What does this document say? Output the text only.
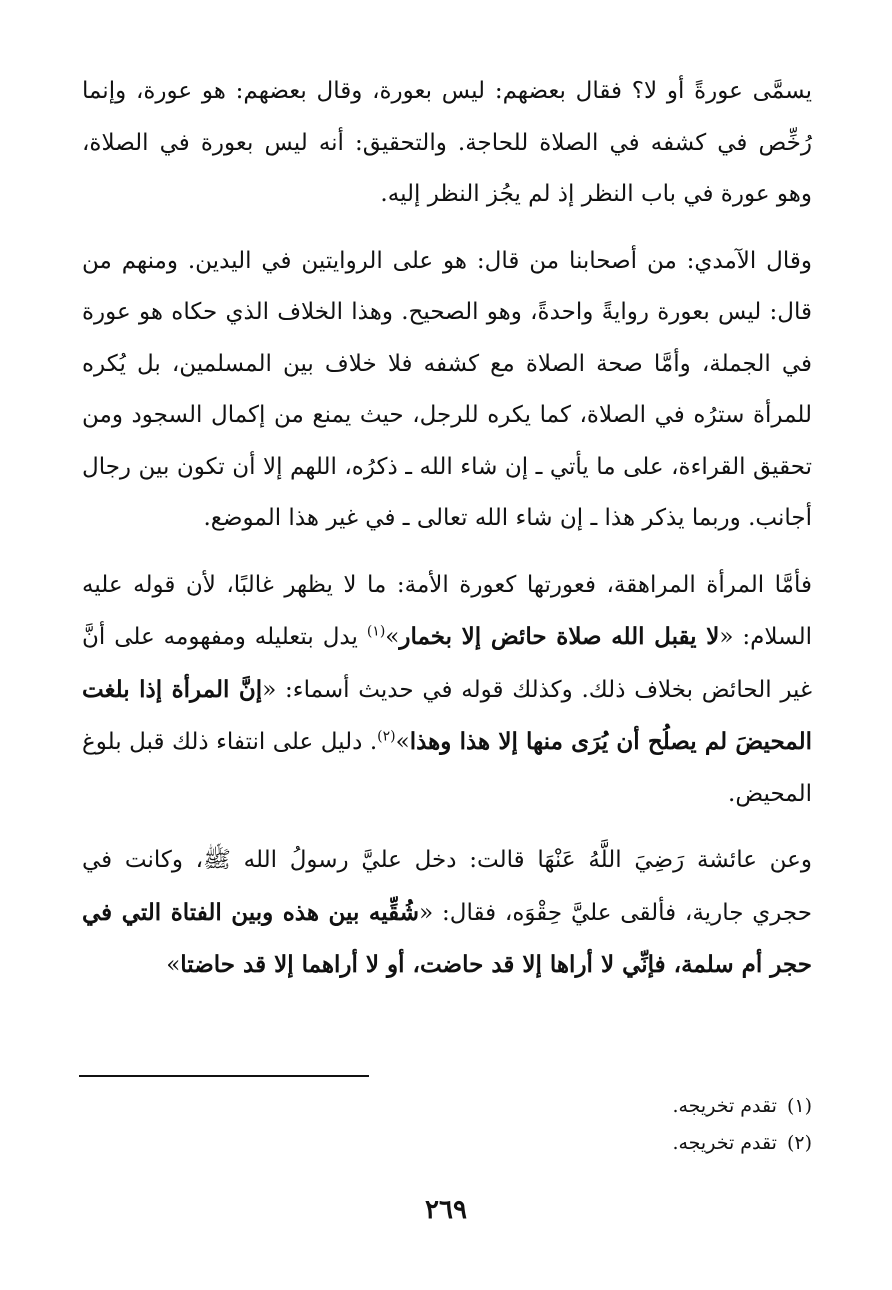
يسمَّى عورةً أو لا؟ فقال بعضهم: ليس بعورة، وقال بعضهم: هو عورة، وإنما رُخِّص في كشفه في الصلاة للحاجة. والتحقيق: أنه ليس بعورة في الصلاة، وهو عورة في باب النظر إذ لم يجُز النظر إليه.

وقال الآمدي: من أصحابنا من قال: هو على الروايتين في اليدين. ومنهم من قال: ليس بعورة روايةً واحدةً، وهو الصحيح. وهذا الخلاف الذي حكاه هو عورة في الجملة، وأمَّا صحة الصلاة مع كشفه فلا خلاف بين المسلمين، بل يُكره للمرأة سترُه في الصلاة، كما يكره للرجل، حيث يمنع من إكمال السجود ومن تحقيق القراءة، على ما يأتي ـ إن شاء الله ـ ذكرُه، اللهم إلا أن تكون بين رجال أجانب. وربما يذكر هذا ـ إن شاء الله تعالى ـ في غير هذا الموضع.

فأمَّا المرأة المراهقة، فعورتها كعورة الأمة: ما لا يظهر غالبًا، لأن قوله عليه السلام: «لا يقبل الله صلاة حائض إلا بخمار»$^{(١)}$ يدل بتعليله ومفهومه على أنَّ غير الحائض بخلاف ذلك. وكذلك قوله في حديث أسماء: «إنَّ المرأة إذا بلغت المحيضَ لم يصلُح أن يُرَى منها إلا هذا وهذا»$^{(٢)}$. دليل على انتفاء ذلك قبل بلوغ المحيض.

وعن عائشة رَضِيَ اللَّهُ عَنْهَا قالت: دخل عليَّ رسولُ الله ﷺ، وكانت في حجري جارية، فألقى عليَّ حِقْوَه، فقال: «شُقِّيه بين هذه وبين الفتاة التي في حجر أم سلمة، فإنِّي لا أراها إلا قد حاضت، أو لا أراهما إلا قد حاضتا»

(١)تقدم تخريجه.

(٢)تقدم تخريجه.

٢٦٩
